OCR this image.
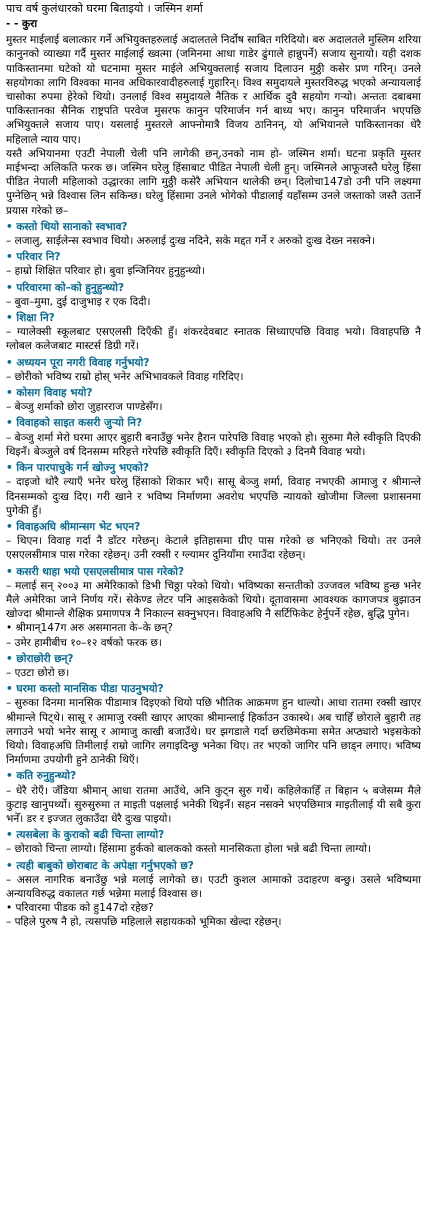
पाच वर्ष कुलंधारको घरमा बिताइयो । जस्मिन शर्मा
- - कुरा

मुस्तर माईलाई बलात्कार गर्ने अभियुक्तहरुलाई अदालतले निर्दोष साबित गरिदियो। बरु अदालतले मुस्लिम शरिया कानुनको व्याख्या गर्दै मुस्तर माईलाई ख्वत्मा (जमिनमा आधा गाडेर ढुंगाले हान्नुपर्ने) सजाय सुनायो। यही दशक पाकिस्तानमा घटेको यो घटनामा मुस्तर माईले अभियुक्तलाई सजाय दिलाउन मुठ्ठी कसेर प्रण गरिन्। उनले सहयोगका लागि विश्वका मानव अधिकारवादीहरुलाई गुहारिन्। विश्व समुदायले मुस्तरविरुद्ध भएको अन्यायलाई चासोका रुपमा हेरेको थियो। उनलाई विश्व समुदायले नैतिक र आर्थिक दुवै सहयोग गर्‍यो। अन्ततः दबाबमा पाकिस्तानका सैनिक राष्ट्रपति परवेज मुसरफ कानुन परिमार्जन गर्न बाध्य भए। कानुन परिमार्जन भएपछि अभियुक्तले सजाय पाए। यसलाई मुस्तरले आफ्नोमात्रै विजय ठानिनन्, यो अभियानले पाकिस्तानका धेरै महिलाले न्याय पाए।

यस्तै अभियानमा एउटी नेपाली चेली पनि लागेकी छन्,उनको नाम हो- जस्मिन शर्मा। घटना प्रकृति मुस्तर माईभन्दा अलिकति फरक छ। जस्मिन घरेलु हिंसाबाट पीडित नेपाली चेली हुन्। जस्मिनले आफूजस्तै घरेलु हिंसा पीडित नेपाली महिलाको उद्धारका लागि मुठ्ठी कसेरै अभियान थालेकी छन्। दिलोचा147डो उनी पनि लक्ष्यमा पुग्नेछिन् भन्ने विश्वास लिन सकिन्छ। घरेलु हिंसामा उनले भोगेको पीडालाई यहाँसम्म उनले जस्ताको जस्तै उतार्ने प्रयास गरेको छ–

• कस्तो थियो सानाको स्वभाव?

– लजालु, साईलेन्स स्वभाव थियो। अरुलाई दुःख नदिने, सके मद्दत गर्ने र अरुको दुःख देख्न नसक्ने।

• परिवार नि?

– हाम्रो शिक्षित परिवार हो। बुवा इन्जिनियर हुनुहुन्थ्यो।

• परिवारमा को–को हुनुहुन्थ्यो?

– बुवा–मुमा, दुई दाजुभाइ र एक दिदी।

• शिक्षा नि?

– ग्यालेक्सी स्कूलबाट एसएलसी दिएँकी हुँ। शंकरदेवबाट स्नातक सिध्याएपछि विवाह भयो। विवाहपछि नै ग्लोबल कलेजबाट मास्टर्स डिग्री गरें।

• अध्ययन पूरा नगरी विवाह गर्नुभयो?

– छोरीको भविष्य राम्रो होस् भनेर अभिभावकले विवाह गरिदिए।

• कोसग विवाह भयो?

– बेञ्जु शर्माको छोरा जुहारराज पाण्डेसँग।

• विवाहको साइत कसरी जुर्‍यो नि?

– बेञ्जु शर्मा मेरो घरमा आएर बुहारी बनाउँछु भनेर हैरान पारेपछि विवाह भएको हो। सुरुमा मैले स्वीकृति दिएकी थिइनँ। बेञ्जुले वर्ष दिनसम्म मरिहत्ते गरेपछि स्वीकृति दिएँ। स्वीकृति दिएको ३ दिनमै विवाह भयो।

• किन पारपाचुके गर्न खोज्नु भएको?

– दाइजो थोरै ल्याएँ भनेर घरेलु हिंसाको शिकार भएँ। सासू बेञ्जु शर्मा, विवाह नभएकी आमाजु र श्रीमान्ले दिनसम्मको दुःख दिए। गरी खाने र भविष्य निर्माणमा अवरोध भएपछि न्यायको खोजीमा जिल्ला प्रशासनमा पुगेकी हुँ।

• विवाहअघि श्रीमान्सग भेट भएन?

– थिएन। विवाह गर्दा नै डाँटर गरेछन्। केटाले इतिहासमा ग्रीए पास गरेको छ भनिएको थियो। तर उनले एसएलसीमात्र पास गरेका रहेछन्। उनी रक्सी र ग्ल्यामर दुनियाँमा रमाउँदा रहेछन्।

• कसरी थाहा भयो एसएलसीमात्र पास गरेको?

– मलाई सन् २००३ मा अमेरिकाको डिभी चिठ्ठा परेको थियो। भविष्यका सन्ततीको उज्जवल भविष्य हुन्छ भनेर मैले अमेरिका जाने निर्णय गरें। सेकेण्ड लेटर पनि आइसकेको थियो। दूतावासमा आवश्यक कागजपत्र बुझाउन खोज्दा श्रीमान्ले शैक्षिक प्रमाणपत्र नै निकाल्न सक्नुभएन। विवाहअघि नै सर्टिफिकेट हेर्नुपर्ने रहेछ, बुद्धि पुगेन।

• श्रीमान्147ग अरु असमानता के–के छन्?

– उमेर हामीबीच १०–१२ वर्षको फरक छ।

• छोराछोरी छन्?

– एउटा छोरो छ।

• घरमा कस्तो मानसिक पीडा पाउनुभयो?

– सुरुका दिनमा मानसिक पीडामात्र दिइएको थियो पछि भौतिक आक्रमण हुन थाल्यो। आधा रातमा रक्सी खाएर श्रीमान्ले पिट्थे। सासू र आमाजु रक्सी खाएर आएका श्रीमान्लाई हिर्काउन उकास्थे। अब चाहिँ छोराले बुहारी तह लगाउने भयो भनेर सासू र आमाजु काखी बजाउँथे। घर झगडाले गर्दा छरछिमेकमा समेत अप्ठ्यारो भइसकेको थियो। विवाहअघि तिमीलाई राम्रो जागिर लगाइदिन्छु भनेका थिए। तर भएको जागिर पनि छाड्न लगाए। भविष्य निर्माणमा उपयोगी हुने ठानेकी थिएँ।

• कति रुनुहुन्थ्यो?

– धेरै रोएँ। जँडिया श्रीमान् आधा रातमा आउँथे, अनि कुट्न सुरु गर्थे। कहिलेकाहिँ त बिहान ५ बजेसम्म मैले कुटाइ खानुपर्थ्यो। सुरुसुरुमा त माइती पक्षलाई भनेकी थिइनँ। सहन नसक्ने भएपछिमात्र माइतीलाई यी सबै कुरा भनेँ। डर र इज्जत लुकाउँदा धेरै दुःख पाइयो।

• त्यसबेला के कुराको बढी चिन्ता लाग्यो?

– छोराको चिन्ता लाग्यो। हिंसामा हुर्कको बालकको कस्तो मानसिकता होला भन्ने बढी चिन्ता लाग्यो।

• त्यही बाबुको छोराबाट के अपेक्षा गर्नुभएको छ?

– असल नागरिक बनाउँछु भन्ने मलाई लागेको छ। एउटी कुशल आमाको उदाहरण बन्छु। उसले भविष्यमा अन्यायविरुद्ध वकालत गर्छ भन्नेमा मलाई विश्वास छ।

• परिवारमा पीडक को हु147दो रहेछ?

– पहिले पुरुष नै हो, त्यसपछि महिलाले सहायकको भूमिका खेल्दा रहेछन्।
